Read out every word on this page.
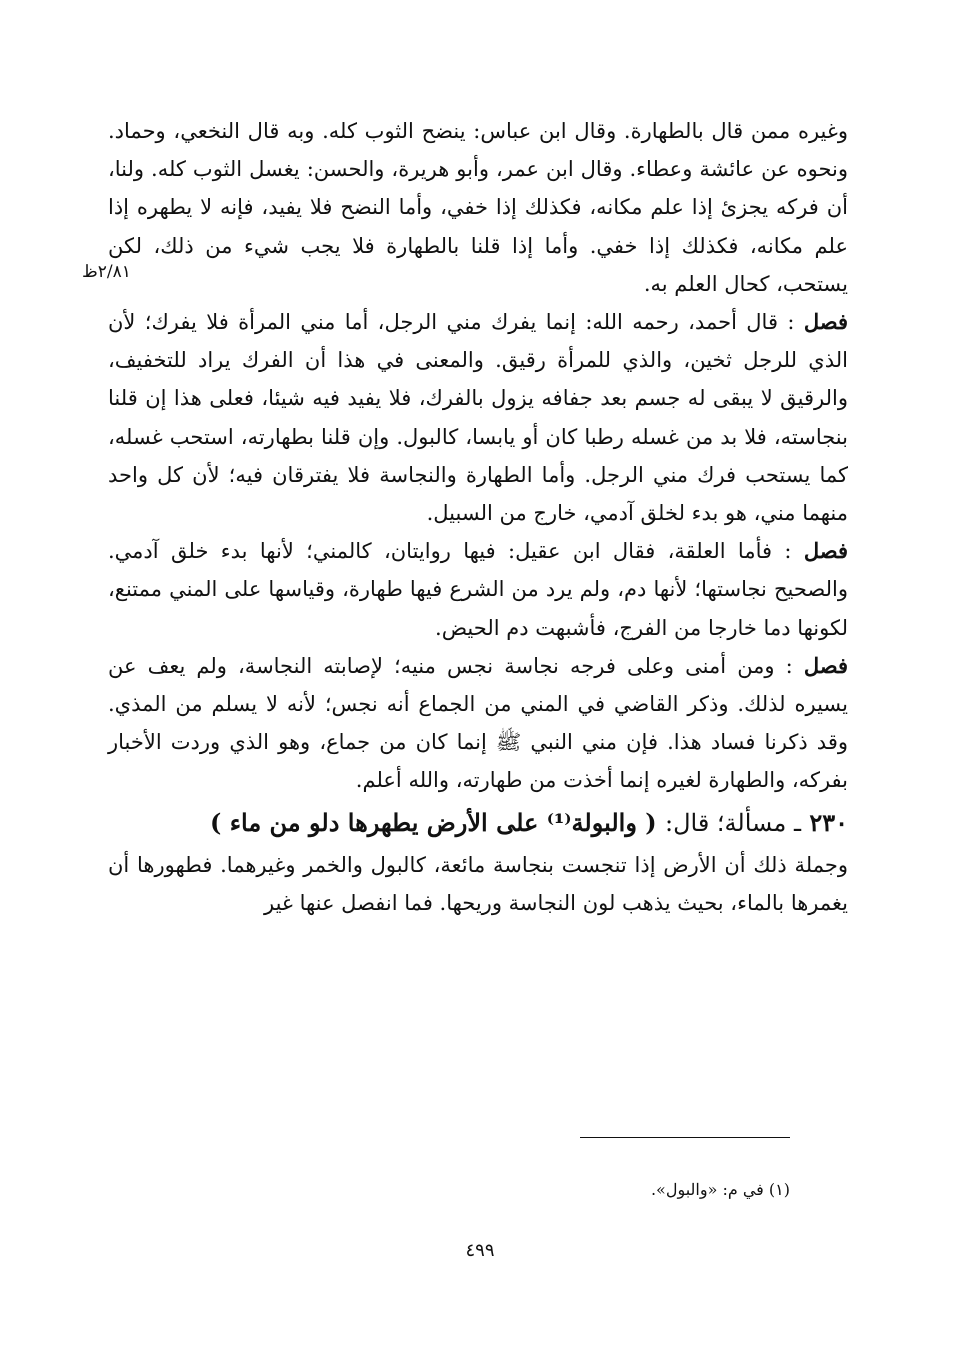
٢/٨١ظ

وغيره ممن قال بالطهارة. وقال ابن عباس: ينضح الثوب كله. وبه قال النخعي، وحماد. ونحوه عن عائشة وعطاء. وقال ابن عمر، وأبو هريرة، والحسن: يغسل الثوب كله. ولنا، أن فركه يجزئ إذا علم مكانه، فكذلك إذا خفي، وأما النضح فلا يفيد، فإنه لا يطهره إذا علم مكانه، فكذلك إذا خفي. وأما إذا قلنا بالطهارة فلا يجب شيء من ذلك، لكن يستحب، كحال العلم به.

فصل : قال أحمد، رحمه الله: إنما يفرك مني الرجل، أما مني المرأة فلا يفرك؛ لأن الذي للرجل ثخين، والذي للمرأة رقيق. والمعنى في هذا أن الفرك يراد للتخفيف، والرقيق لا يبقى له جسم بعد جفافه يزول بالفرك، فلا يفيد فيه شيئا، فعلى هذا إن قلنا بنجاسته، فلا بد من غسله رطبا كان أو يابسا، كالبول. وإن قلنا بطهارته، استحب غسله، كما يستحب فرك مني الرجل. وأما الطهارة والنجاسة فلا يفترقان فيه؛ لأن كل واحد منهما مني، هو بدء لخلق آدمي، خارج من السبيل.

فصل : فأما العلقة، فقال ابن عقيل: فيها روايتان، كالمني؛ لأنها بدء خلق آدمي. والصحيح نجاستها؛ لأنها دم، ولم يرد من الشرع فيها طهارة، وقياسها على المني ممتنع، لكونها دما خارجا من الفرج، فأشبهت دم الحيض.

فصل : ومن أمنى وعلى فرجه نجاسة نجس منيه؛ لإصابته النجاسة، ولم يعف عن يسيره لذلك. وذكر القاضي في المني من الجماع أنه نجس؛ لأنه لا يسلم من المذي. وقد ذكرنا فساد هذا. فإن مني النبي ﷺ إنما كان من جماع، وهو الذي وردت الأخبار بفركه، والطهارة لغيره إنما أخذت من طهارته، والله أعلم.

٢٣٠ ـ مسألة؛ قال: ( والبولة⁽¹⁾ على الأرض يطهرها دلو من ماء )

وجملة ذلك أن الأرض إذا تنجست بنجاسة مائعة، كالبول والخمر وغيرهما. فطهورها أن يغمرها بالماء، بحيث يذهب لون النجاسة وريحها. فما انفصل عنها غير

(١) في م: «والبول».
٤٩٩
